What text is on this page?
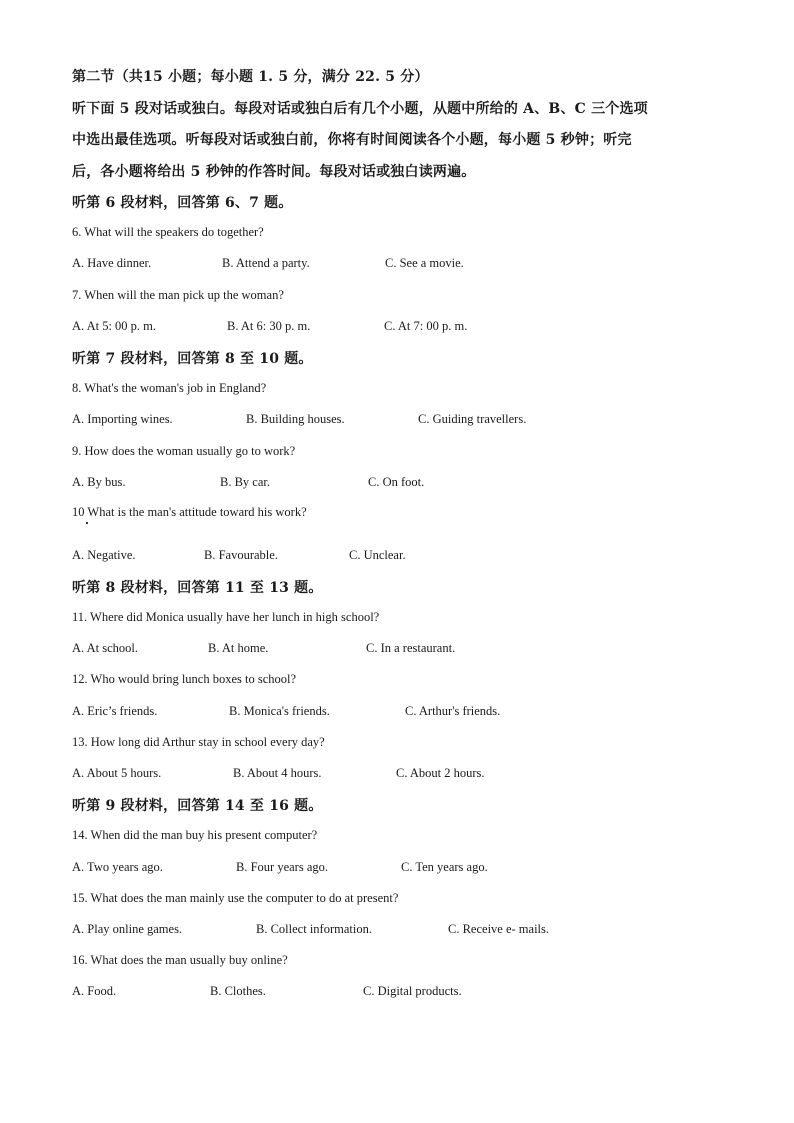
第二节（共15 小题；每小题 1. 5 分，满分 22. 5 分）
听下面 5 段对话或独白。每段对话或独白后有几个小题，从题中所给的 A、B、C 三个选项
中选出最佳选项。听每段对话或独白前，你将有时间阅读各个小题，每小题 5 秒钟；听完
后，各小题将给出 5 秒钟的作答时间。每段对话或独白读两遍。
听第 6 段材料，回答第 6、7 题。
6. What will the speakers do together?
A. Have dinner.	B. Attend a party.	C. See a movie.
7. When will the man pick up the woman?
A. At 5: 00 p. m.	B. At 6: 30 p. m.	C. At 7: 00 p. m.
听第 7 段材料，回答第 8 至 10 题。
8. What's the woman's job in England?
A. Importing wines.	B. Building houses.	C. Guiding travellers.
9. How does the woman usually go to work?
A. By bus.	B. By car.	C. On foot.
10 What is the man's attitude toward his work?
A. Negative.	B. Favourable.	C. Unclear.
听第 8 段材料，回答第 11 至 13 题。
11. Where did Monica usually have her lunch in high school?
A. At school.	B. At home.	C. In a restaurant.
12. Who would bring lunch boxes to school?
A. Eric’s friends.	B. Monica's friends.	C. Arthur's friends.
13. How long did Arthur stay in school every day?
A. About 5 hours.	B. About 4 hours.	C. About 2 hours.
听第 9 段材料，回答第 14 至 16 题。
14. When did the man buy his present computer?
A. Two years ago.	B. Four years ago.	C. Ten years ago.
15. What does the man mainly use the computer to do at present?
A. Play online games.	B. Collect information.	C. Receive e- mails.
16. What does the man usually buy online?
A. Food.	B. Clothes.	C. Digital products.
